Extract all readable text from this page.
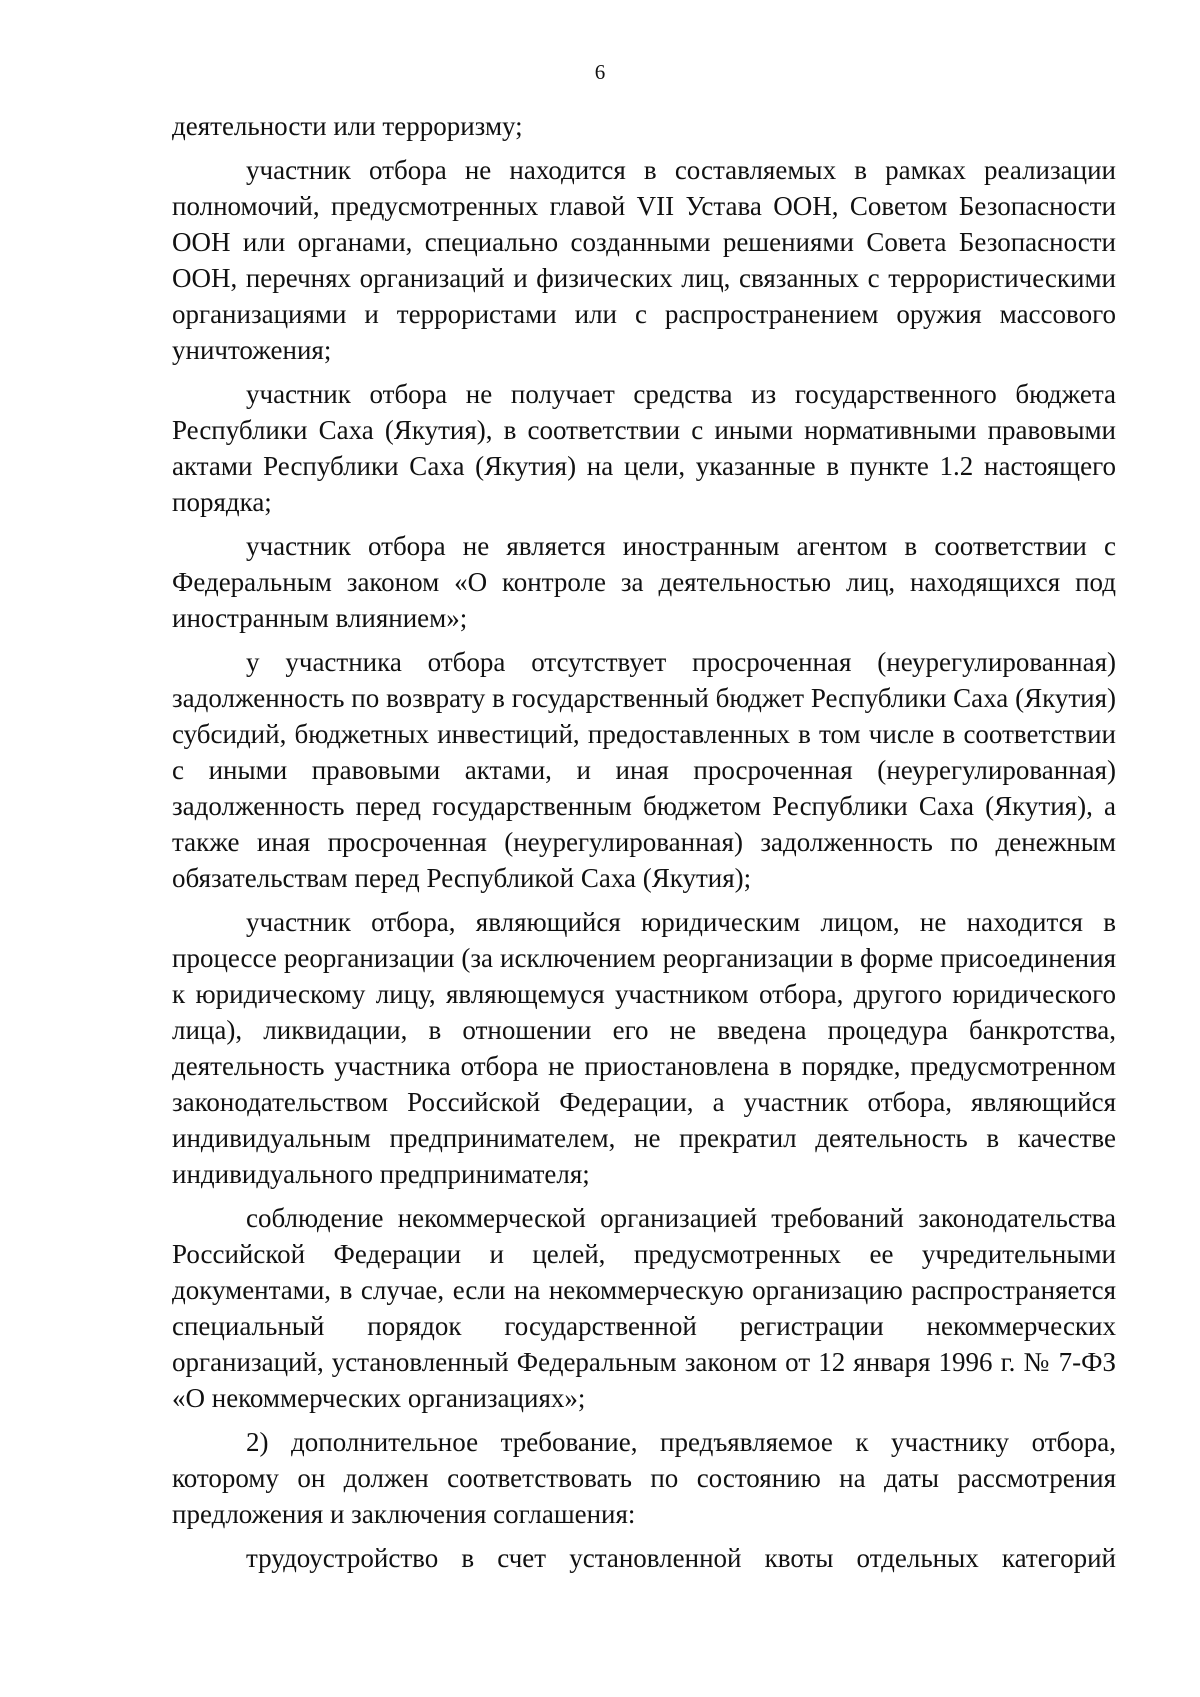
6

деятельности или терроризму;

участник отбора не находится в составляемых в рамках реализации полномочий, предусмотренных главой VII Устава ООН, Советом Безопасности ООН или органами, специально созданными решениями Совета Безопасности ООН, перечнях организаций и физических лиц, связанных с террористическими организациями и террористами или с распространением оружия массового уничтожения;

участник отбора не получает средства из государственного бюджета Республики Саха (Якутия), в соответствии с иными нормативными правовыми актами Республики Саха (Якутия) на цели, указанные в пункте 1.2 настоящего порядка;

участник отбора не является иностранным агентом в соответствии с Федеральным законом «О контроле за деятельностью лиц, находящихся под иностранным влиянием»;

у участника отбора отсутствует просроченная (неурегулированная) задолженность по возврату в государственный бюджет Республики Саха (Якутия) субсидий, бюджетных инвестиций, предоставленных в том числе в соответствии с иными правовыми актами, и иная просроченная (неурегулированная) задолженность перед государственным бюджетом Республики Саха (Якутия), а также иная просроченная (неурегулированная) задолженность по денежным обязательствам перед Республикой Саха (Якутия);

участник отбора, являющийся юридическим лицом, не находится в процессе реорганизации (за исключением реорганизации в форме присоединения к юридическому лицу, являющемуся участником отбора, другого юридического лица), ликвидации, в отношении его не введена процедура банкротства, деятельность участника отбора не приостановлена в порядке, предусмотренном законодательством Российской Федерации, а участник отбора, являющийся индивидуальным предпринимателем, не прекратил деятельность в качестве индивидуального предпринимателя;

соблюдение некоммерческой организацией требований законодательства Российской Федерации и целей, предусмотренных ее учредительными документами, в случае, если на некоммерческую организацию распространяется специальный порядок государственной регистрации некоммерческих организаций, установленный Федеральным законом от 12 января 1996 г. № 7-ФЗ «О некоммерческих организациях»;

2) дополнительное требование, предъявляемое к участнику отбора, которому он должен соответствовать по состоянию на даты рассмотрения предложения и заключения соглашения:

трудоустройство в счет установленной квоты отдельных категорий
